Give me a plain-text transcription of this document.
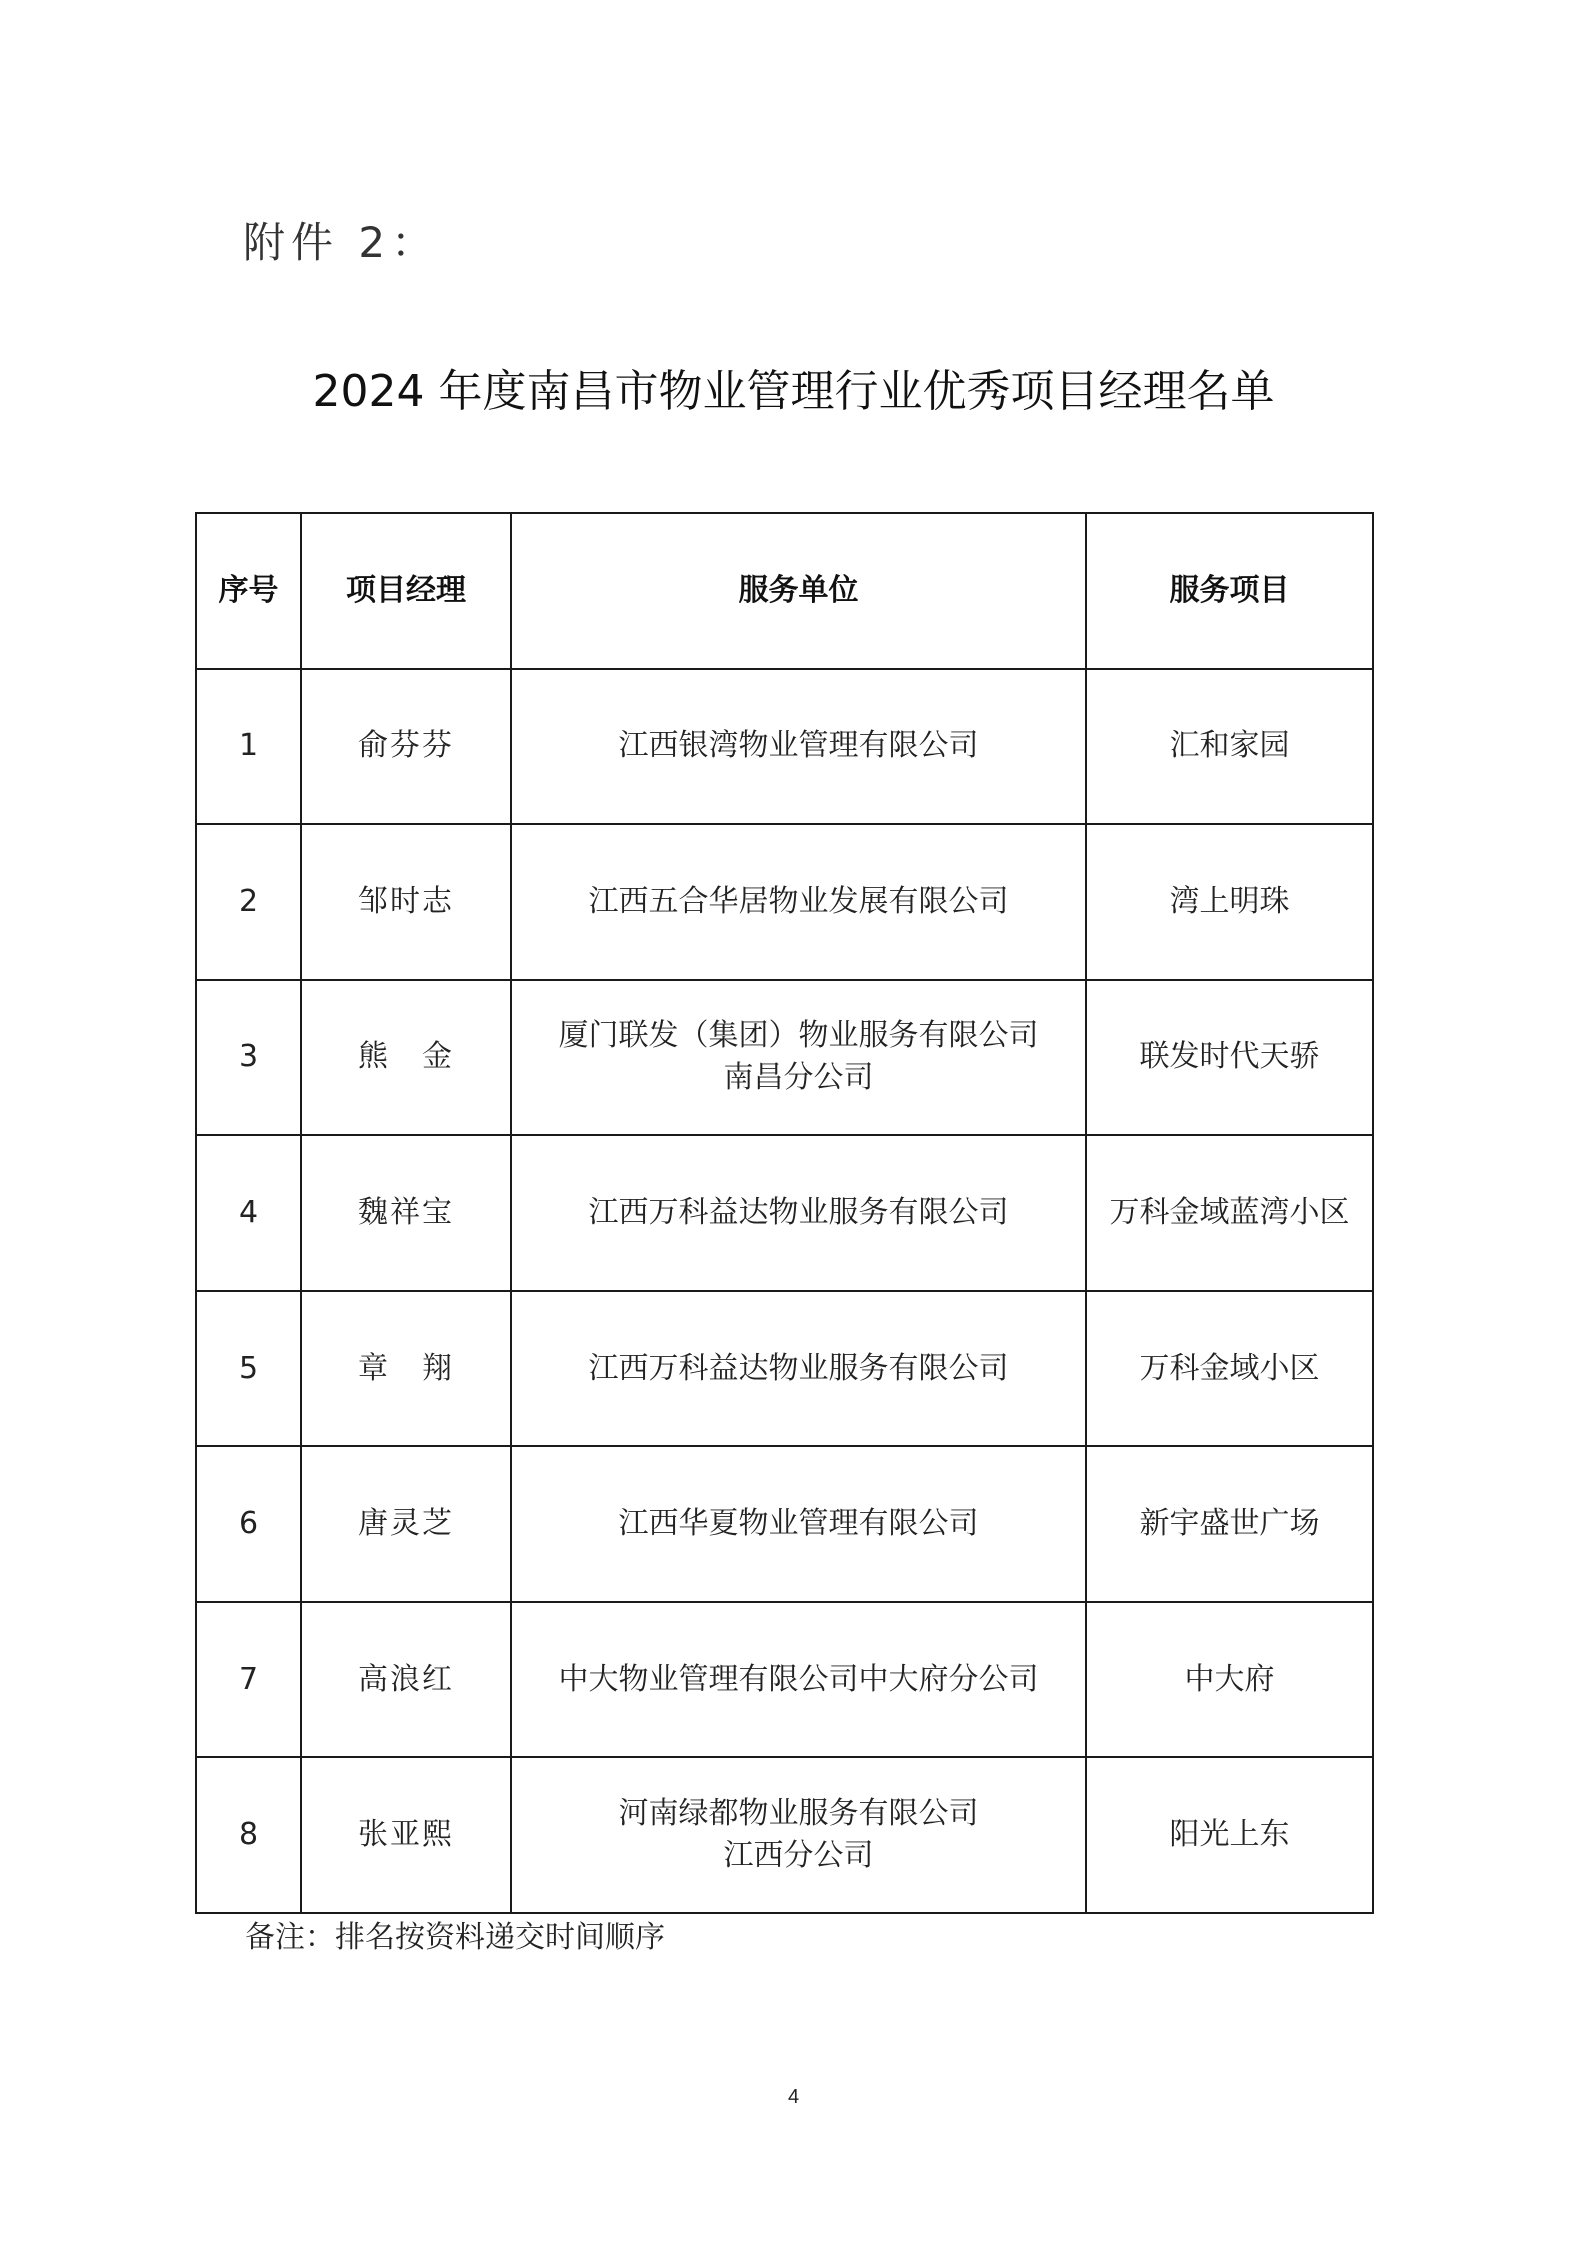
附件 2：
2024 年度南昌市物业管理行业优秀项目经理名单
序号	项目经理	服务单位	服务项目
1	俞芬芬	江西银湾物业管理有限公司	汇和家园
2	邹时志	江西五合华居物业发展有限公司	湾上明珠
3	熊　金	厦门联发（集团）物业服务有限公司
南昌分公司	联发时代天骄
4	魏祥宝	江西万科益达物业服务有限公司	万科金域蓝湾小区
5	章　翔	江西万科益达物业服务有限公司	万科金域小区
6	唐灵芝	江西华夏物业管理有限公司	新宇盛世广场
7	高浪红	中大物业管理有限公司中大府分公司	中大府
8	张亚熙	河南绿都物业服务有限公司
江西分公司	阳光上东
备注：排名按资料递交时间顺序
4
